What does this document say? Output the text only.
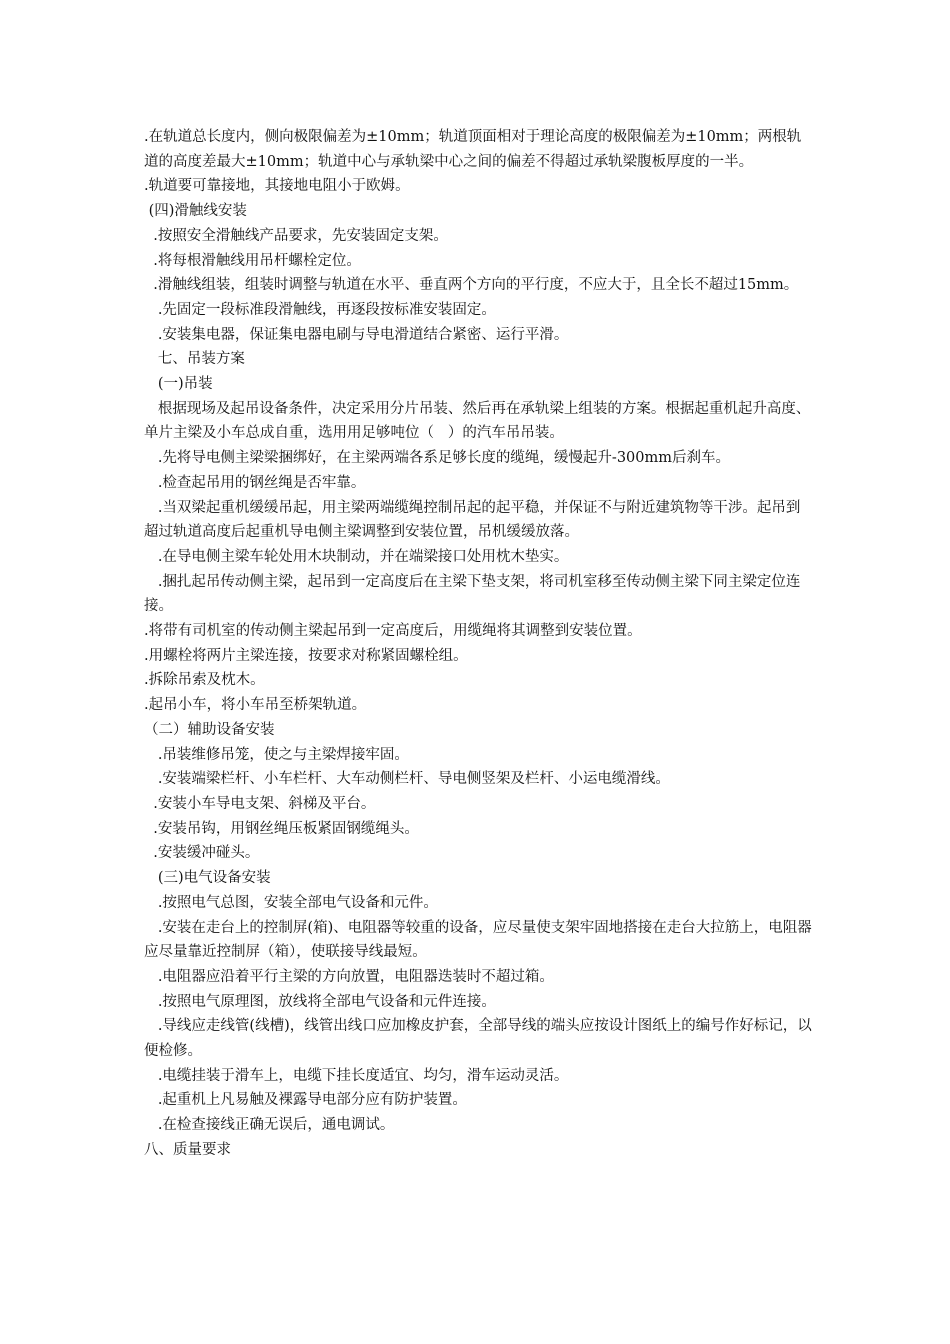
.在轨道总长度内，侧向极限偏差为±10mm；轨道顶面相对于理论高度的极限偏差为±10mm；两根轨道的高度差最大±10mm；轨道中心与承轨梁中心之间的偏差不得超过承轨梁腹板厚度的一半。

.轨道要可靠接地，其接地电阻小于欧姆。

(四)滑触线安装

.按照安全滑触线产品要求，先安装固定支架。

.将每根滑触线用吊杆螺栓定位。

.滑触线组装，组装时调整与轨道在水平、垂直两个方向的平行度，不应大于，且全长不超过15mm。

.先固定一段标准段滑触线，再逐段按标准安装固定。

.安装集电器，保证集电器电刷与导电滑道结合紧密、运行平滑。

七、吊装方案

(一)吊装

根据现场及起吊设备条件，决定采用分片吊装、然后再在承轨梁上组装的方案。根据起重机起升高度、单片主梁及小车总成自重，选用用足够吨位（   ）的汽车吊吊装。

.先将导电侧主梁梁捆绑好，在主梁两端各系足够长度的缆绳，缓慢起升-300mm后刹车。

.检查起吊用的钢丝绳是否牢靠。

.当双梁起重机缓缓吊起，用主梁两端缆绳控制吊起的起平稳，并保证不与附近建筑物等干涉。起吊到超过轨道高度后起重机导电侧主梁调整到安装位置，吊机缓缓放落。

.在导电侧主梁车轮处用木块制动，并在端梁接口处用枕木垫实。

.捆扎起吊传动侧主梁，起吊到一定高度后在主梁下垫支架，将司机室移至传动侧主梁下同主梁定位连接。

.将带有司机室的传动侧主梁起吊到一定高度后，用缆绳将其调整到安装位置。

.用螺栓将两片主梁连接，按要求对称紧固螺栓组。

.拆除吊索及枕木。

.起吊小车，将小车吊至桥架轨道。

（二）辅助设备安装

.吊装维修吊笼，使之与主梁焊接牢固。

.安装端梁栏杆、小车栏杆、大车动侧栏杆、导电侧竖架及栏杆、小运电缆滑线。

.安装小车导电支架、斜梯及平台。

.安装吊钩，用钢丝绳压板紧固钢缆绳头。

.安装缓冲碰头。

(三)电气设备安装

.按照电气总图，安装全部电气设备和元件。

.安装在走台上的控制屏(箱)、电阻器等较重的设备，应尽量使支架牢固地搭接在走台大拉筋上，电阻器应尽量靠近控制屏（箱），使联接导线最短。

.电阻器应沿着平行主梁的方向放置，电阻器迭装时不超过箱。

.按照电气原理图，放线将全部电气设备和元件连接。

.导线应走线管(线槽)，线管出线口应加橡皮护套，全部导线的端头应按设计图纸上的编号作好标记，以便检修。

.电缆挂装于滑车上，电缆下挂长度适宜、均匀，滑车运动灵活。

.起重机上凡易触及裸露导电部分应有防护装置。

.在检查接线正确无误后，通电调试。

八、质量要求
